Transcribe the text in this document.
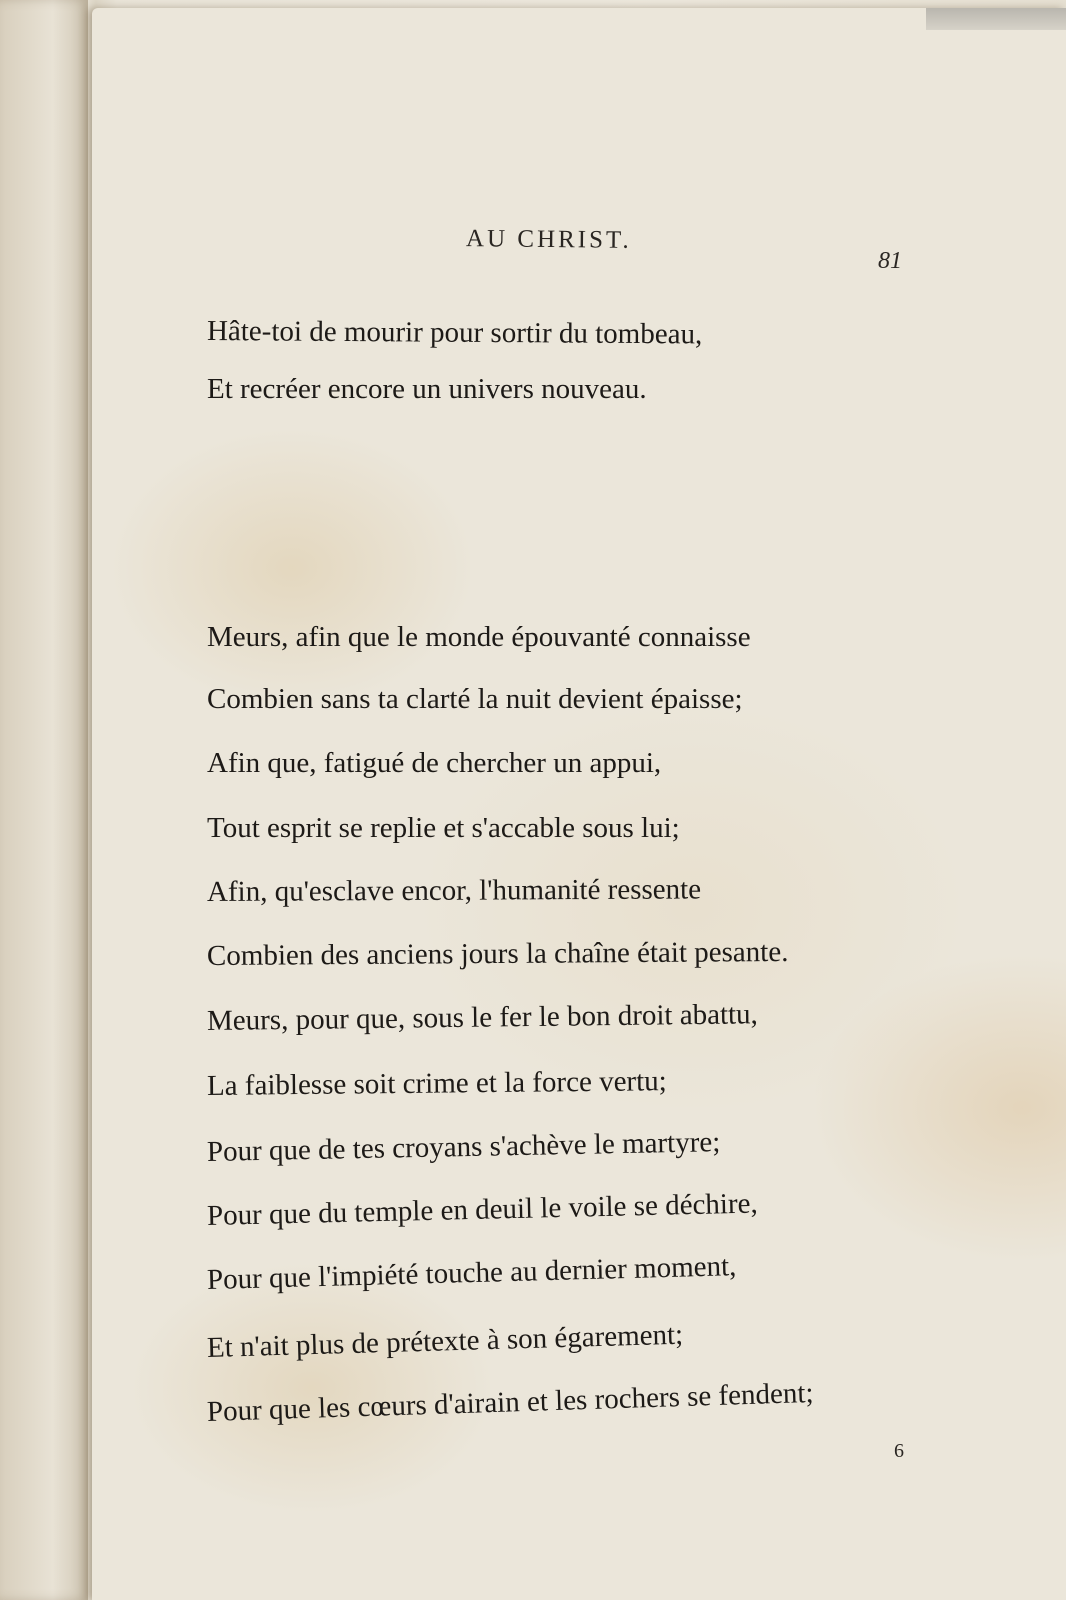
AU CHRIST.
81
Hâte-toi de mourir pour sortir du tombeau,
Et recréer encore un univers nouveau.
Meurs, afin que le monde épouvanté connaisse
Combien sans ta clarté la nuit devient épaisse;
Afin que, fatigué de chercher un appui,
Tout esprit se replie et s'accable sous lui;
Afin, qu'esclave encor, l'humanité ressente
Combien des anciens jours la chaîne était pesante.
Meurs, pour que, sous le fer le bon droit abattu,
La faiblesse soit crime et la force vertu;
Pour que de tes croyans s'achève le martyre;
Pour que du temple en deuil le voile se déchire,
Pour que l'impiété touche au dernier moment,
Et n'ait plus de prétexte à son égarement;
Pour que les cœurs d'airain et les rochers se fendent;
6
